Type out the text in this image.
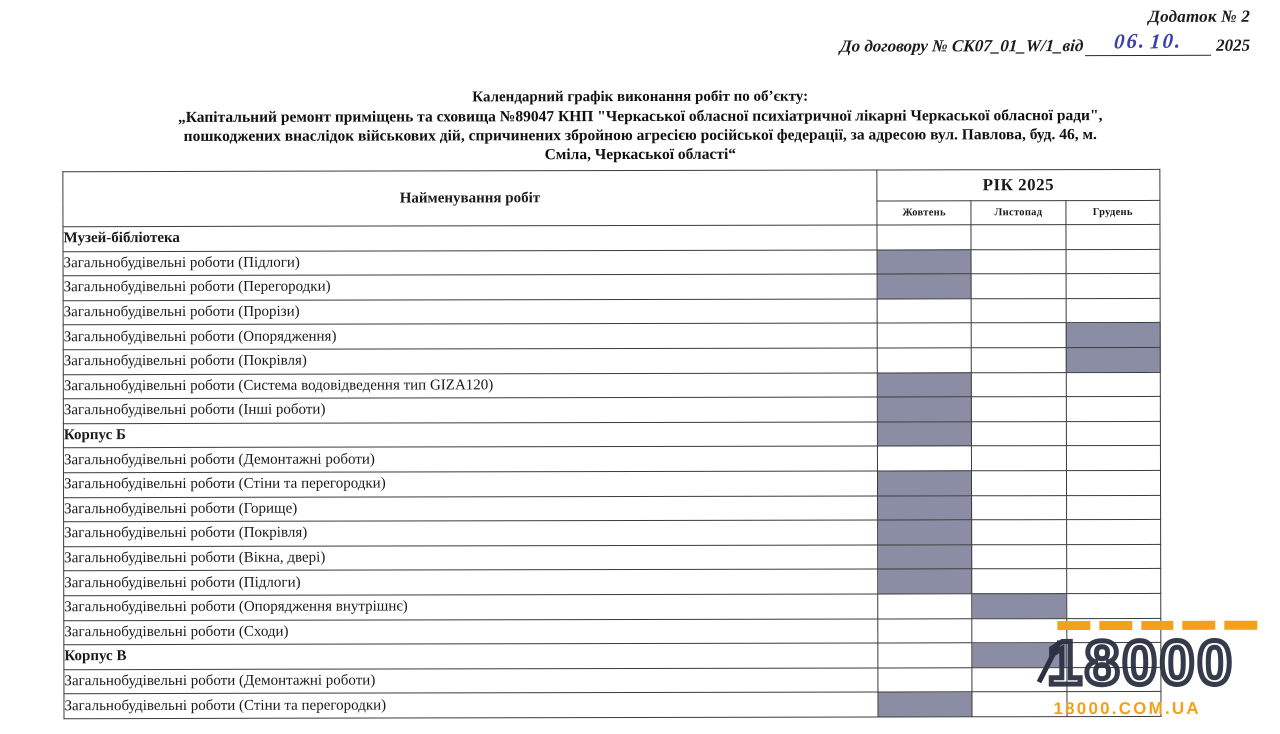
Додаток № 2
До договору № СК07_01_W/1_від	06. 10.	2025

Календарний графік виконання робіт по об’єкту:

„Капітальний ремонт приміщень та сховища №89047 КНП "Черкаської обласної психіатричної лікарні Черкаської обласної ради",

пошкоджених внаслідок військових дій, спричинених збройною агресією російської федерації, за адресою вул. Павлова, буд. 46, м.

Сміла, Черкаської області“

Найменування робіт	РІК 2025		
	Жовтень	Листопад	Грудень
Музей-бібліотека			
Загальнобудівельні роботи (Підлоги)			
Загальнобудівельні роботи (Перегородки)			
Загальнобудівельні роботи (Прорізи)			
Загальнобудівельні роботи (Опорядження)			
Загальнобудівельні роботи (Покрівля)			
Загальнобудівельні роботи (Система водовідведення тип GIZA120)			
Загальнобудівельні роботи (Інші роботи)			
Корпус Б			
Загальнобудівельні роботи (Демонтажні роботи)			
Загальнобудівельні роботи (Стіни та перегородки)			
Загальнобудівельні роботи (Горище)			
Загальнобудівельні роботи (Покрівля)			
Загальнобудівельні роботи (Вікна, двері)			
Загальнобудівельні роботи (Підлоги)			
Загальнобудівельні роботи (Опорядження внутрішнє)			
Загальнобудівельні роботи (Сходи)			
Корпус В			
Загальнобудівельні роботи (Демонтажні роботи)			
Загальнобудівельні роботи (Стіни та перегородки)			
18000
18000.COM.UA
